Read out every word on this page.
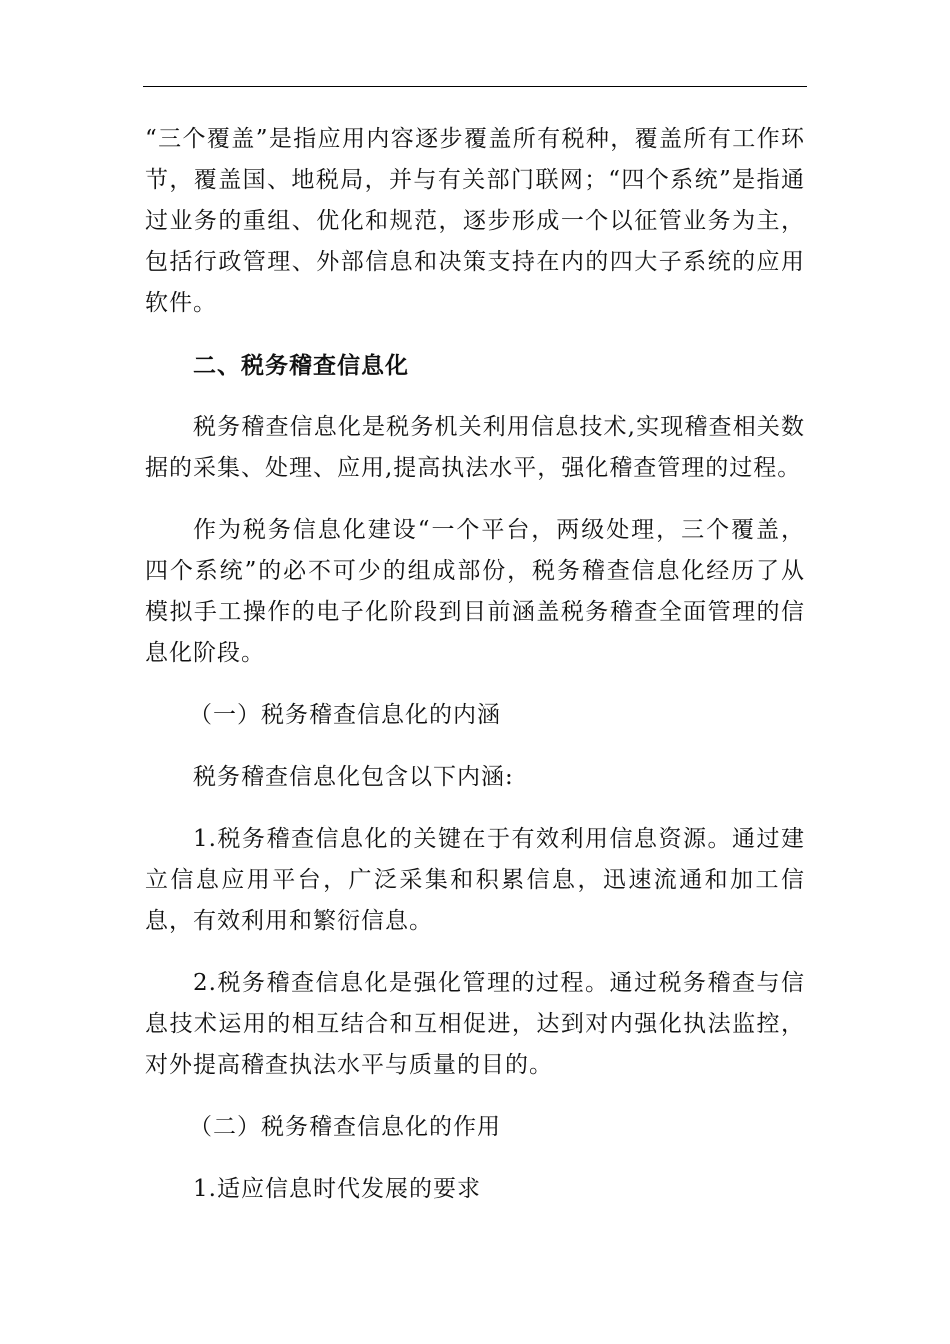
“三个覆盖”是指应用内容逐步覆盖所有税种，覆盖所有工作环节，覆盖国、地税局，并与有关部门联网；“四个系统”是指通过业务的重组、优化和规范，逐步形成一个以征管业务为主，包括行政管理、外部信息和决策支持在内的四大子系统的应用软件。

二、税务稽查信息化

税务稽查信息化是税务机关利用信息技术,实现稽查相关数据的采集、处理、应用,提高执法水平，强化稽查管理的过程。

作为税务信息化建设“一个平台，两级处理，三个覆盖，四个系统”的必不可少的组成部份，税务稽查信息化经历了从模拟手工操作的电子化阶段到目前涵盖税务稽查全面管理的信息化阶段。

（一）税务稽查信息化的内涵

税务稽查信息化包含以下内涵:

1.税务稽查信息化的关键在于有效利用信息资源。通过建立信息应用平台，广泛采集和积累信息，迅速流通和加工信息，有效利用和繁衍信息。

2.税务稽查信息化是强化管理的过程。通过税务稽查与信息技术运用的相互结合和互相促进，达到对内强化执法监控，对外提高稽查执法水平与质量的目的。

（二）税务稽查信息化的作用

1.适应信息时代发展的要求
